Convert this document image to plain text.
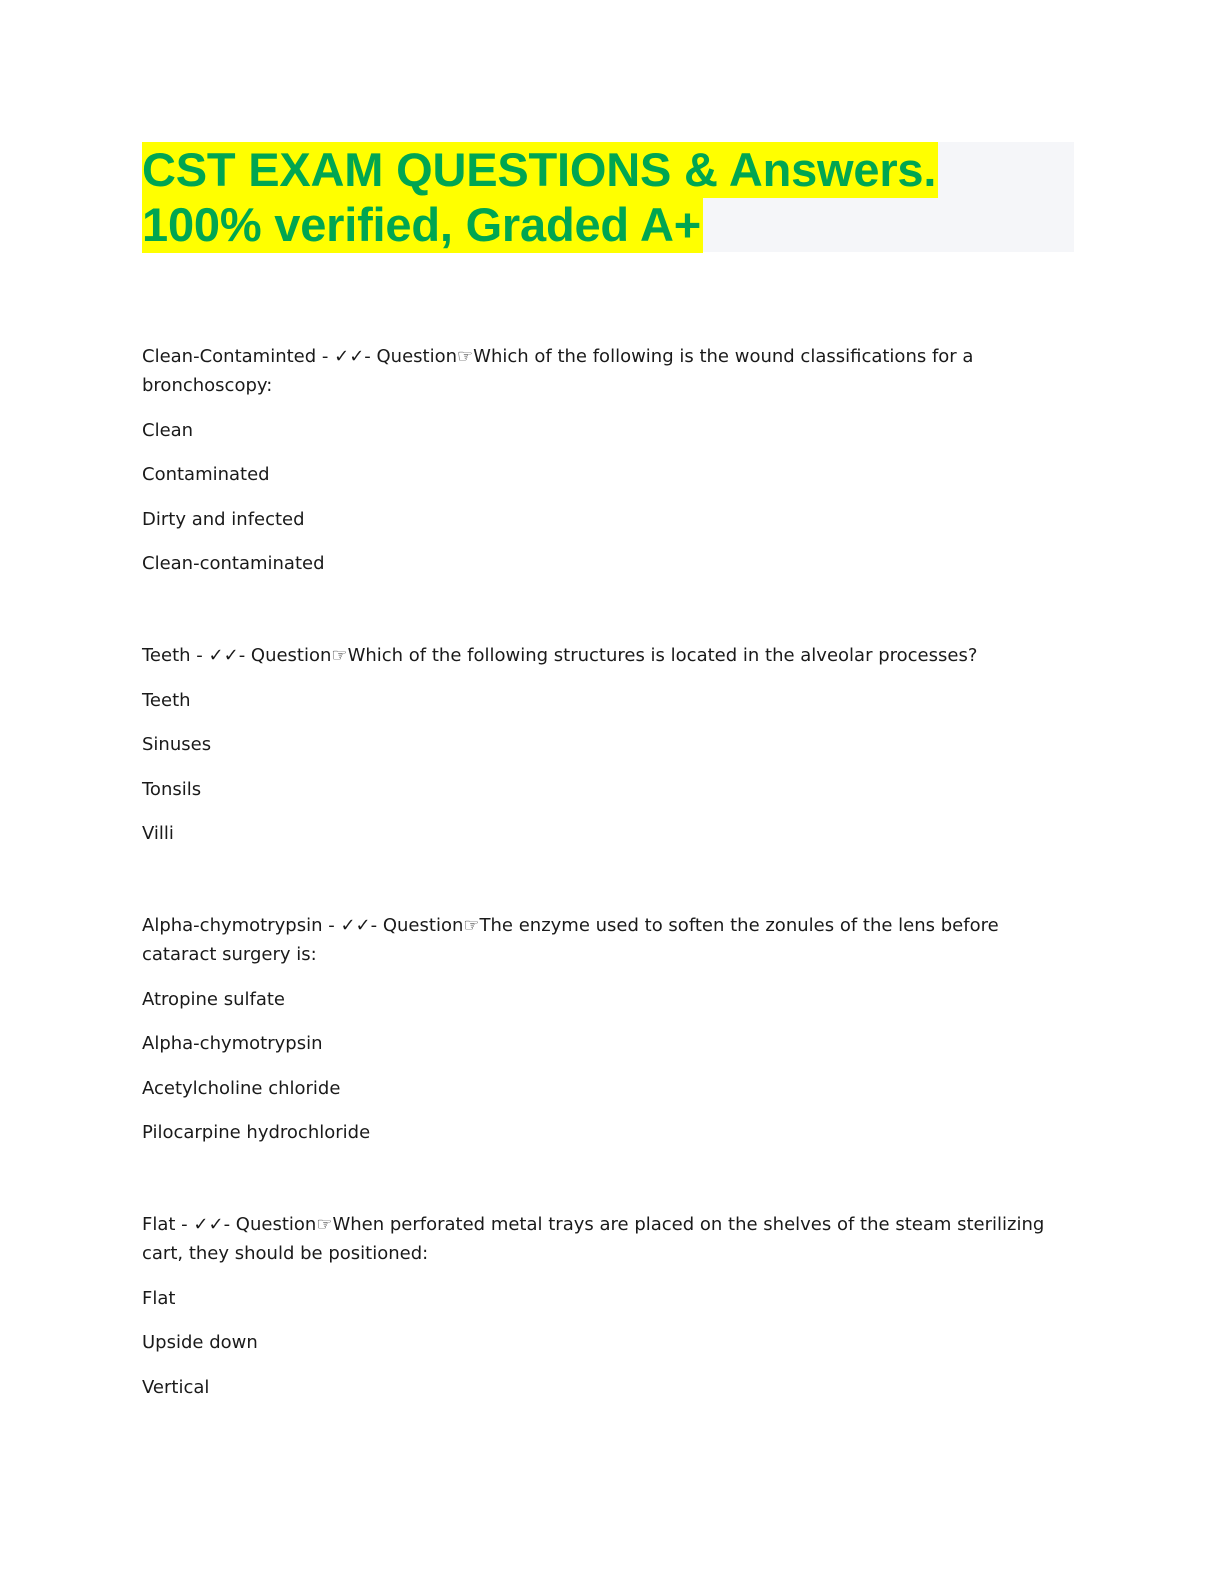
CST EXAM QUESTIONS & Answers.
100% verified, Graded A+

Clean-Contaminted - ✓✓- Question☞Which of the following is the wound classifications for a bronchoscopy:

Clean

Contaminated

Dirty and infected

Clean-contaminated

Teeth - ✓✓- Question☞Which of the following structures is located in the alveolar processes?

Teeth

Sinuses

Tonsils

Villi

Alpha-chymotrypsin - ✓✓- Question☞The enzyme used to soften the zonules of the lens before cataract surgery is:

Atropine sulfate

Alpha-chymotrypsin

Acetylcholine chloride

Pilocarpine hydrochloride

Flat - ✓✓- Question☞When perforated metal trays are placed on the shelves of the steam sterilizing cart, they should be positioned:

Flat

Upside down

Vertical
